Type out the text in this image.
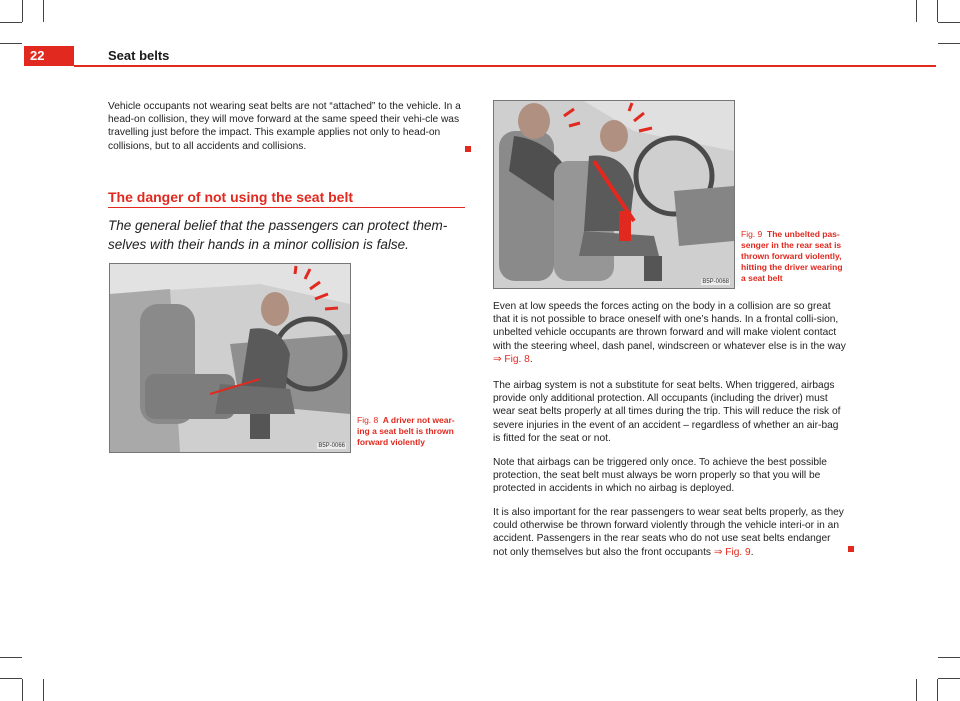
22	Seat belts

Vehicle occupants not wearing seat belts are not “attached” to the vehicle. In a head-on collision, they will move forward at the same speed their vehi-cle was travelling just before the impact. This example applies not only to head-on collisions, but to all accidents and collisions.

The danger of not using the seat belt
The general belief that the passengers can protect them-selves with their hands in a minor collision is false.
B5P-0066
Fig. 8 A driver not wear-ing a seat belt is thrown forward violently
B5P-0068
Fig. 9 The unbelted pas-senger in the rear seat is thrown forward violently, hitting the driver wearing a seat belt

Even at low speeds the forces acting on the body in a collision are so great that it is not possible to brace oneself with one’s hands. In a frontal colli-sion, unbelted vehicle occupants are thrown forward and will make violent contact with the steering wheel, dash panel, windscreen or whatever else is in the way ⇒ Fig. 8.

The airbag system is not a substitute for seat belts. When triggered, airbags provide only additional protection. All occupants (including the driver) must wear seat belts properly at all times during the trip. This will reduce the risk of severe injuries in the event of an accident – regardless of whether an air-bag is fitted for the seat or not.

Note that airbags can be triggered only once. To achieve the best possible protection, the seat belt must always be worn properly so that you will be protected in accidents in which no airbag is deployed.

It is also important for the rear passengers to wear seat belts properly, as they could otherwise be thrown forward violently through the vehicle interi-or in an accident. Passengers in the rear seats who do not use seat belts endanger not only themselves but also the front occupants ⇒ Fig. 9.
